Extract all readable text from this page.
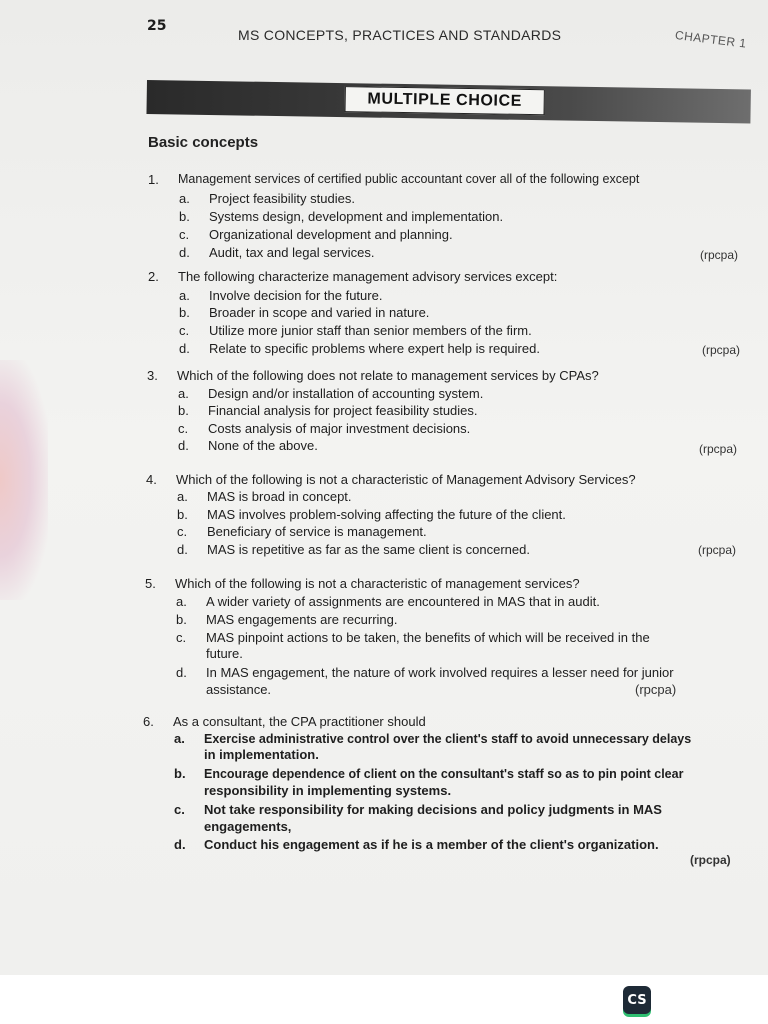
25
MS CONCEPTS, PRACTICES AND STANDARDS	CHAPTER 1
MULTIPLE CHOICE
Basic concepts
1.	Management services of certified public accountant cover all of the following except
a. Project feasibility studies.
b. Systems design, development and implementation.
c. Organizational development and planning.
d. Audit, tax and legal services.	(rpcpa)
2.	The following characterize management advisory services except:
a. Involve decision for the future.
b. Broader in scope and varied in nature.
c. Utilize more junior staff than senior members of the firm.
d. Relate to specific problems where expert help is required.	(rpcpa)
3.	Which of the following does not relate to management services by CPAs?
a. Design and/or installation of accounting system.
b. Financial analysis for project feasibility studies.
c. Costs analysis of major investment decisions.
d. None of the above.	(rpcpa)
4.	Which of the following is not a characteristic of Management Advisory Services?
a. MAS is broad in concept.
b. MAS involves problem-solving affecting the future of the client.
c. Beneficiary of service is management.
d. MAS is repetitive as far as the same client is concerned.	(rpcpa)
5.	Which of the following is not a characteristic of management services?
a. A wider variety of assignments are encountered in MAS that in audit.
b. MAS engagements are recurring.
c. MAS pinpoint actions to be taken, the benefits of which will be received in the
future.
d. In MAS engagement, the nature of work involved requires a lesser need for junior
assistance.	(rpcpa)
6.	As a consultant, the CPA practitioner should
a. Exercise administrative control over the client's staff to avoid unnecessary delays
in implementation.
b. Encourage dependence of client on the consultant's staff so as to pin point clear
responsibility in implementing systems.
c. Not take responsibility for making decisions and policy judgments in MAS
engagements,
d. Conduct his engagement as if he is a member of the client's organization.
(rpcpa)
CS
